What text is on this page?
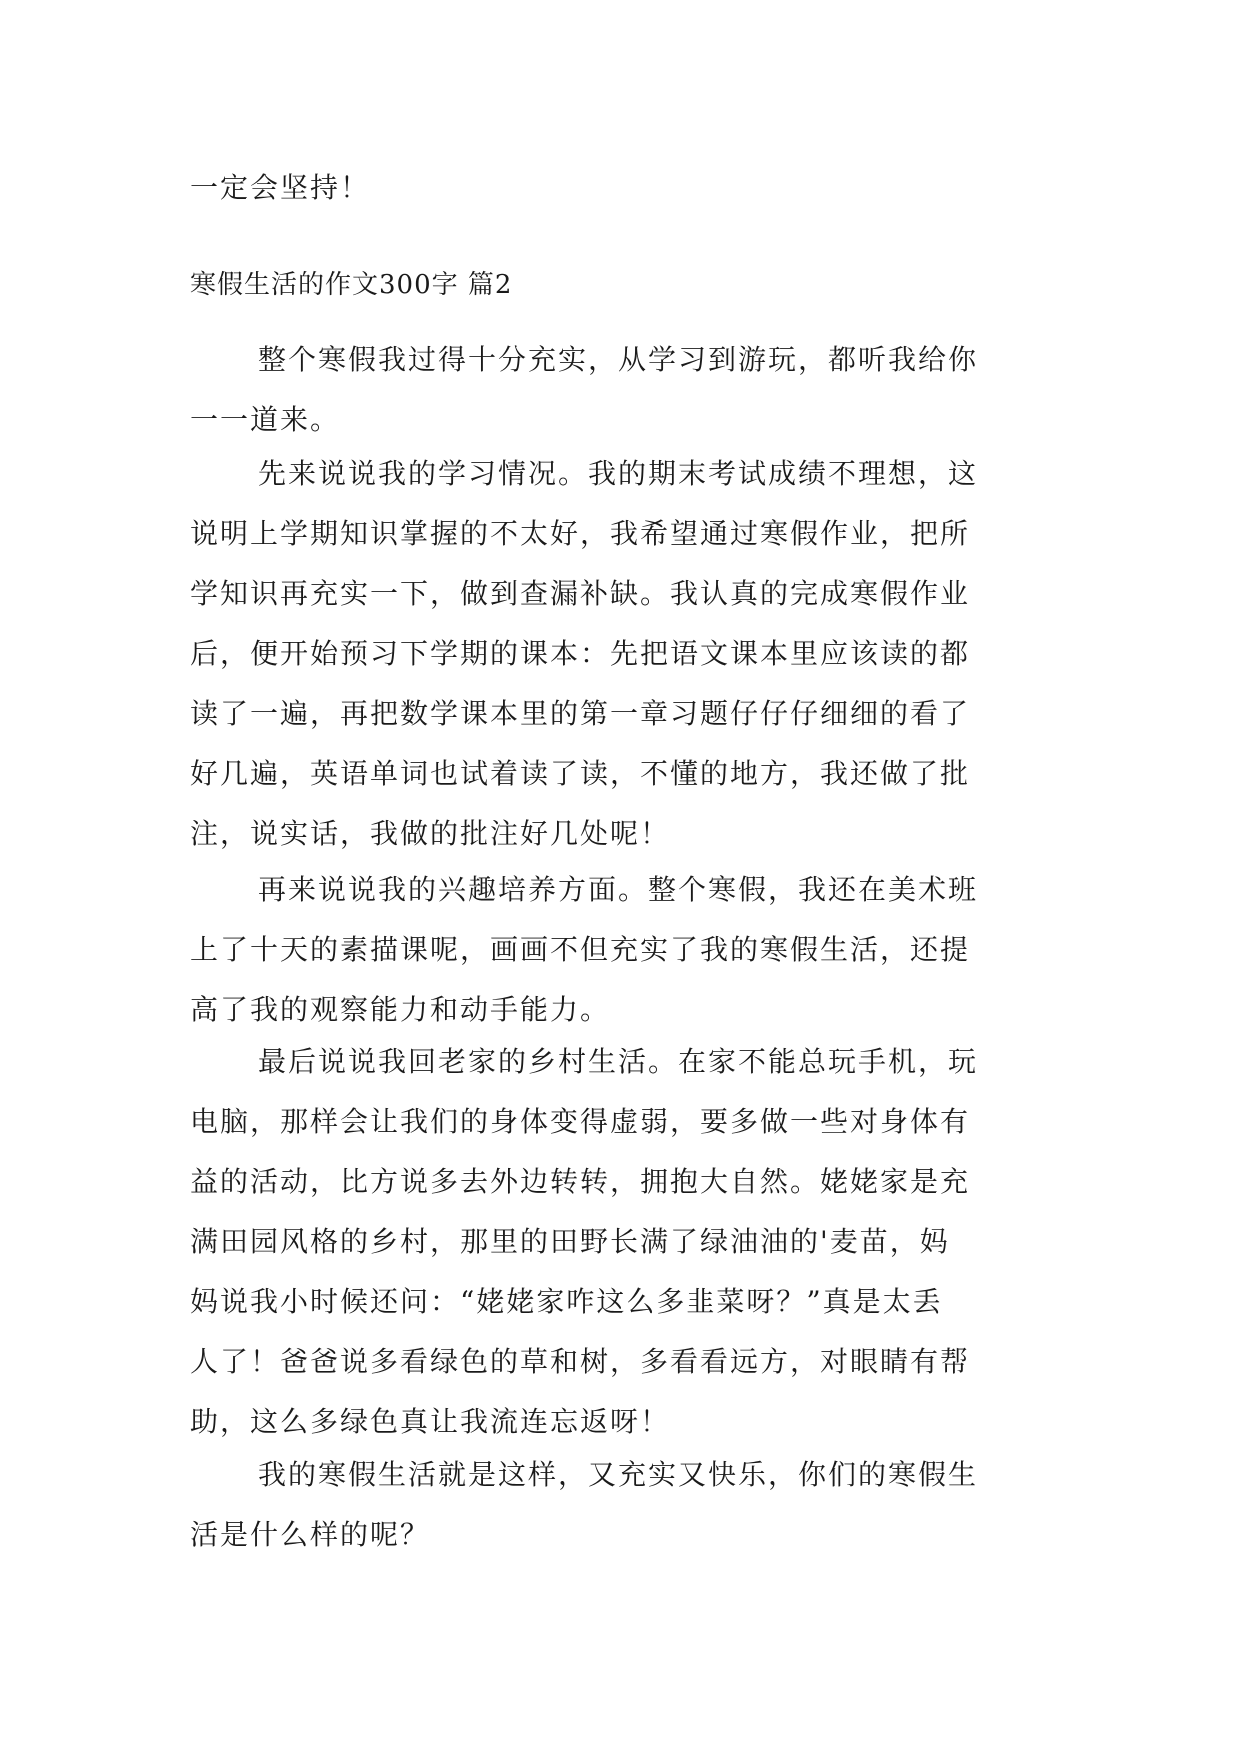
一定会坚持！

寒假生活的作文300字 篇2

整个寒假我过得十分充实，从学习到游玩，都听我给你
一一道来。

先来说说我的学习情况。我的期末考试成绩不理想，这
说明上学期知识掌握的不太好，我希望通过寒假作业，把所
学知识再充实一下，做到查漏补缺。我认真的完成寒假作业
后，便开始预习下学期的课本：先把语文课本里应该读的都
读了一遍，再把数学课本里的第一章习题仔仔仔细细的看了
好几遍，英语单词也试着读了读，不懂的地方，我还做了批
注，说实话，我做的批注好几处呢！

再来说说我的兴趣培养方面。整个寒假，我还在美术班
上了十天的素描课呢，画画不但充实了我的寒假生活，还提
高了我的观察能力和动手能力。

最后说说我回老家的乡村生活。在家不能总玩手机，玩
电脑，那样会让我们的身体变得虚弱，要多做一些对身体有
益的活动，比方说多去外边转转，拥抱大自然。姥姥家是充
满田园风格的乡村，那里的田野长满了绿油油的'麦苗，妈
妈说我小时候还问：“姥姥家咋这么多韭菜呀？”真是太丢
人了！爸爸说多看绿色的草和树，多看看远方，对眼睛有帮
助，这么多绿色真让我流连忘返呀！

我的寒假生活就是这样，又充实又快乐，你们的寒假生
活是什么样的呢？
